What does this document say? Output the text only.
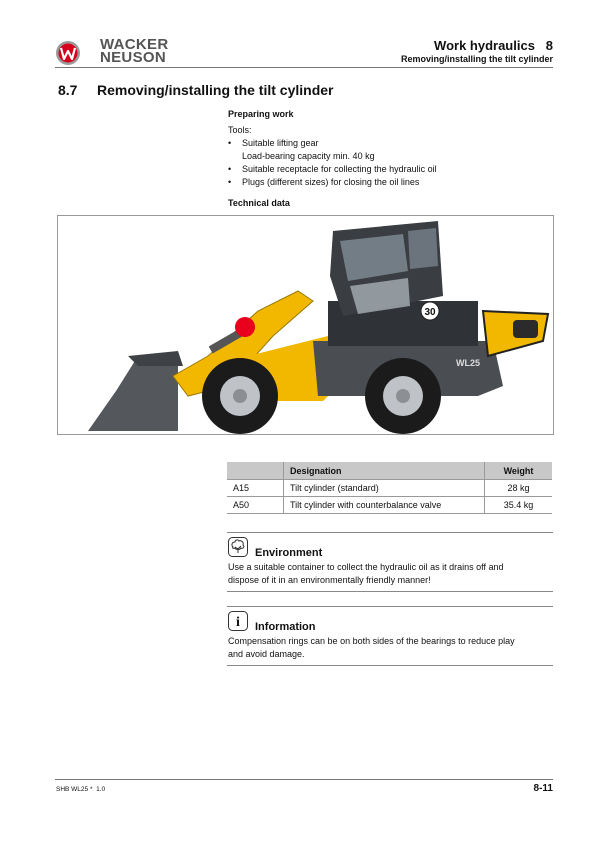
WACKER
NEUSON
Work hydraulics   8
Removing/installing the tilt cylinder
8.7 Removing/installing the tilt cylinder
Preparing work
Tools:
• Suitable lifting gear
Load-bearing capacity min. 40 kg
• Suitable receptacle for collecting the hydraulic oil
• Plugs (different sizes) for closing the oil lines
Technical data
30
WL25
	Designation	Weight
A15	Tilt cylinder (standard)	28 kg
A50	Tilt cylinder with counterbalance valve	35.4 kg
Environment
Use a suitable container to collect the hydraulic oil as it drains off and
dispose of it in an environmentally friendly manner!
i Information
Compensation rings can be on both sides of the bearings to reduce play
and avoid damage.
SHB WL25 *  1.0	8-11
